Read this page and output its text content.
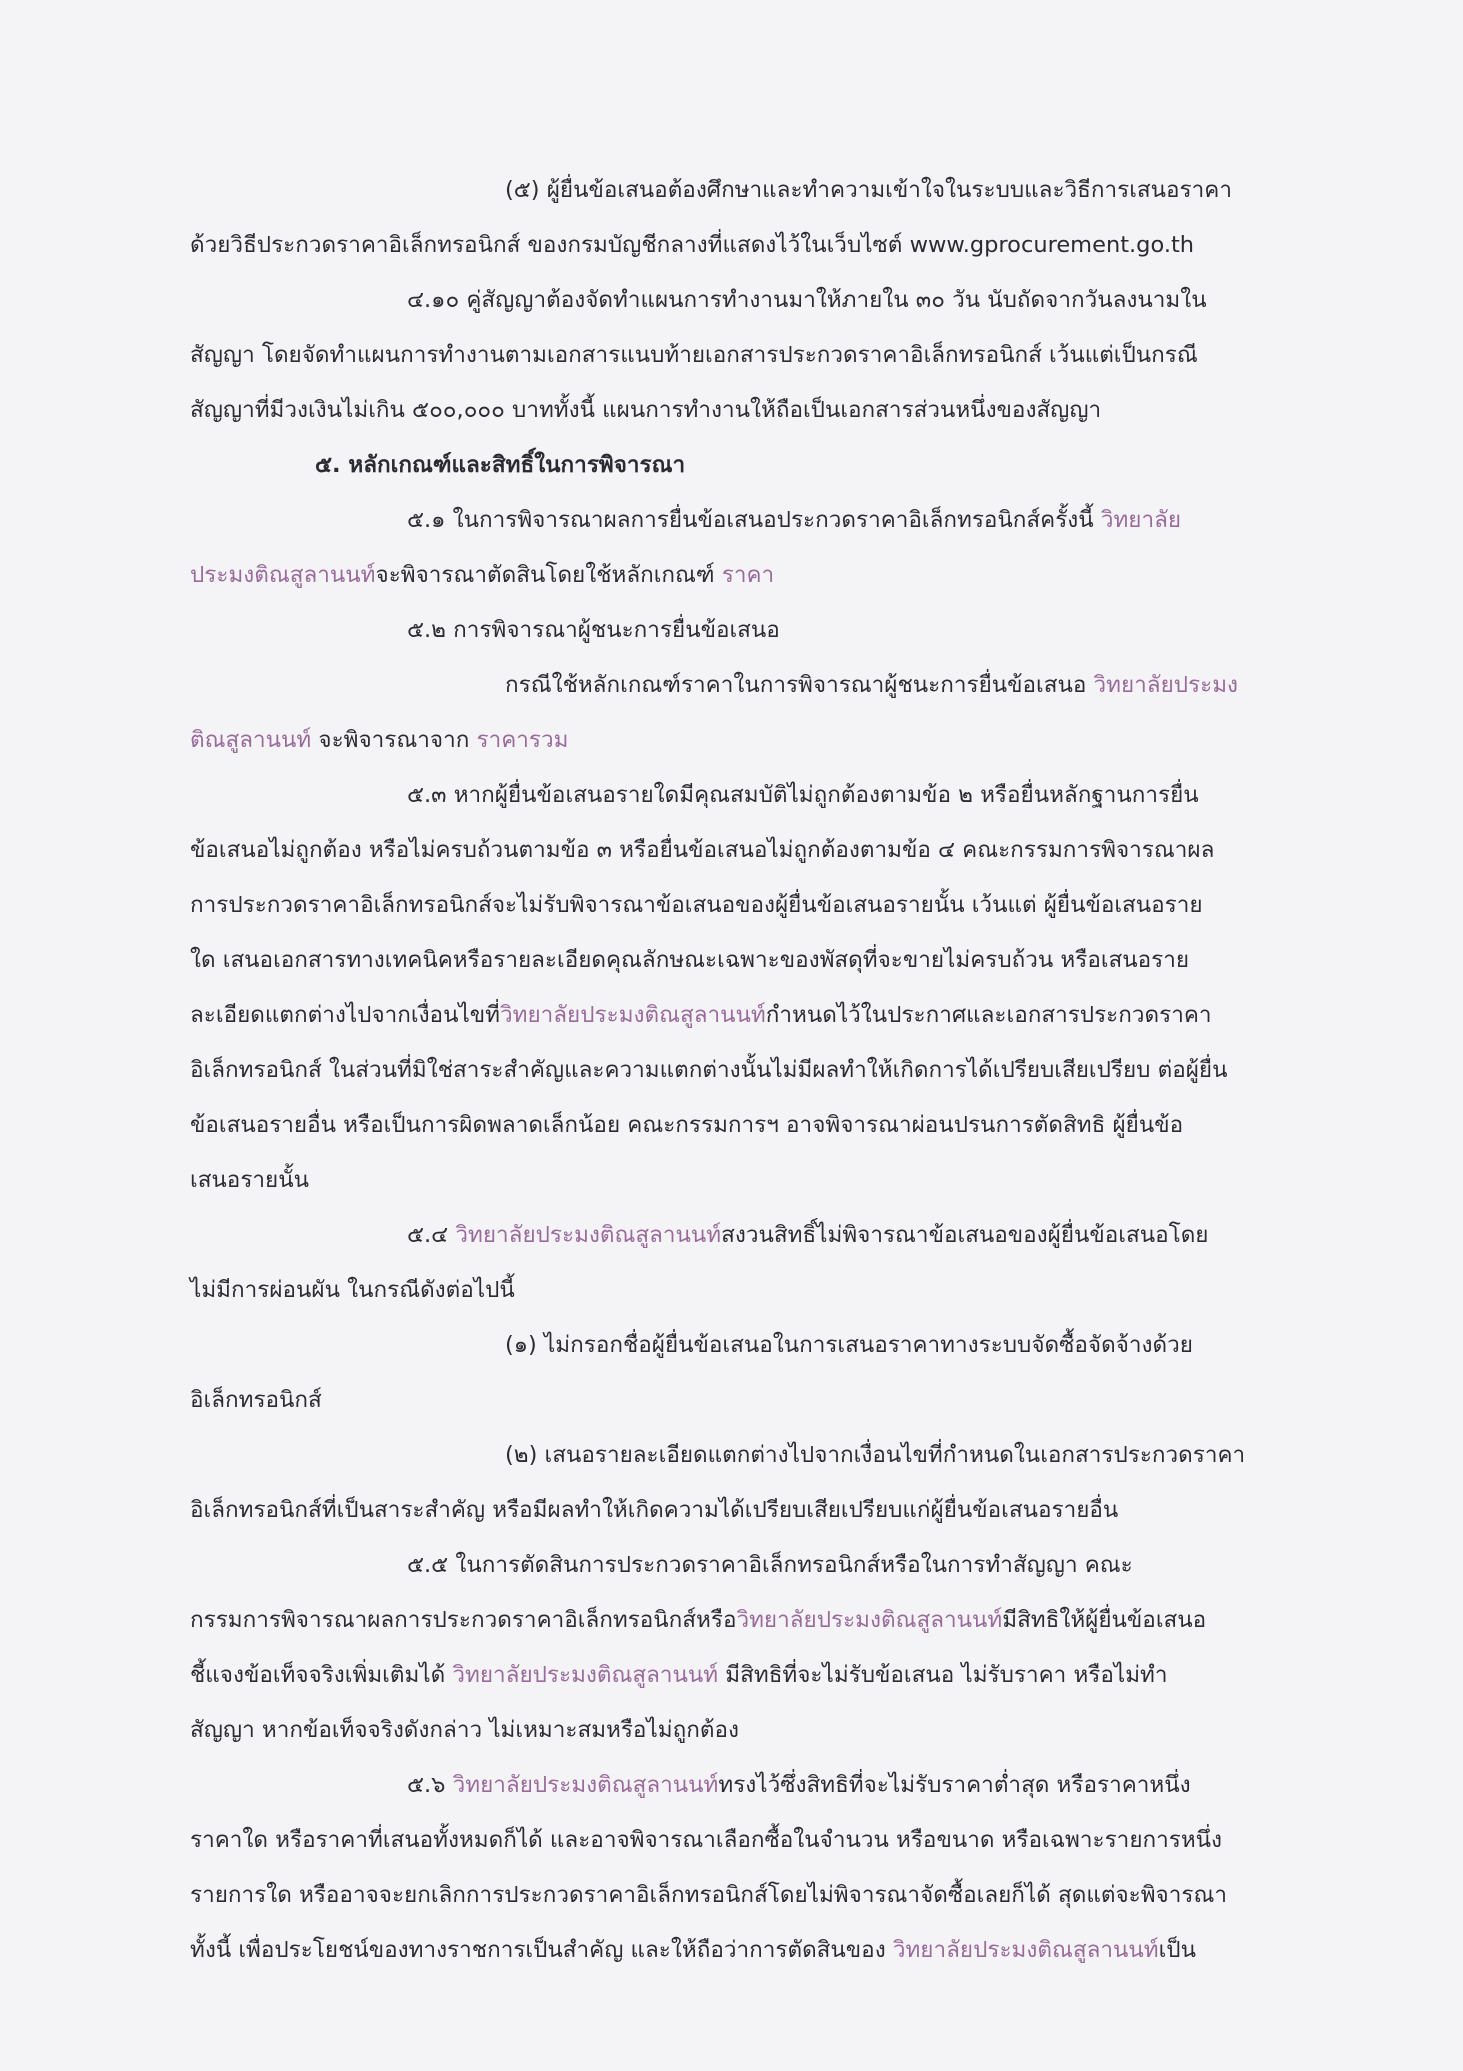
(๕) ผู้ยื่นข้อเสนอต้องศึกษาและทำความเข้าใจในระบบและวิธีการเสนอราคา
ด้วยวิธีประกวดราคาอิเล็กทรอนิกส์ ของกรมบัญชีกลางที่แสดงไว้ในเว็บไซต์ www.gprocurement.go.th
๔.๑๐ คู่สัญญาต้องจัดทำแผนการทำงานมาให้ภายใน ๓๐ วัน นับถัดจากวันลงนามใน
สัญญา โดยจัดทำแผนการทำงานตามเอกสารแนบท้ายเอกสารประกวดราคาอิเล็กทรอนิกส์ เว้นแต่เป็นกรณี
สัญญาที่มีวงเงินไม่เกิน ๕๐๐,๐๐๐ บาททั้งนี้ แผนการทำงานให้ถือเป็นเอกสารส่วนหนึ่งของสัญญา
๕. หลักเกณฑ์และสิทธิ์ในการพิจารณา
๕.๑ ในการพิจารณาผลการยื่นข้อเสนอประกวดราคาอิเล็กทรอนิกส์ครั้งนี้ วิทยาลัย
ประมงติณสูลานนท์จะพิจารณาตัดสินโดยใช้หลักเกณฑ์ ราคา
๕.๒ การพิจารณาผู้ชนะการยื่นข้อเสนอ
กรณีใช้หลักเกณฑ์ราคาในการพิจารณาผู้ชนะการยื่นข้อเสนอ วิทยาลัยประมง
ติณสูลานนท์ จะพิจารณาจาก ราคารวม
๕.๓ หากผู้ยื่นข้อเสนอรายใดมีคุณสมบัติไม่ถูกต้องตามข้อ ๒ หรือยื่นหลักฐานการยื่น
ข้อเสนอไม่ถูกต้อง หรือไม่ครบถ้วนตามข้อ ๓ หรือยื่นข้อเสนอไม่ถูกต้องตามข้อ ๔ คณะกรรมการพิจารณาผล
การประกวดราคาอิเล็กทรอนิกส์จะไม่รับพิจารณาข้อเสนอของผู้ยื่นข้อเสนอรายนั้น เว้นแต่ ผู้ยื่นข้อเสนอราย
ใด เสนอเอกสารทางเทคนิคหรือรายละเอียดคุณลักษณะเฉพาะของพัสดุที่จะขายไม่ครบถ้วน หรือเสนอราย
ละเอียดแตกต่างไปจากเงื่อนไขที่วิทยาลัยประมงติณสูลานนท์กำหนดไว้ในประกาศและเอกสารประกวดราคา
อิเล็กทรอนิกส์ ในส่วนที่มิใช่สาระสำคัญและความแตกต่างนั้นไม่มีผลทำให้เกิดการได้เปรียบเสียเปรียบ ต่อผู้ยื่น
ข้อเสนอรายอื่น หรือเป็นการผิดพลาดเล็กน้อย คณะกรรมการฯ อาจพิจารณาผ่อนปรนการตัดสิทธิ ผู้ยื่นข้อ
เสนอรายนั้น
๕.๔ วิทยาลัยประมงติณสูลานนท์สงวนสิทธิ์ไม่พิจารณาข้อเสนอของผู้ยื่นข้อเสนอโดย
ไม่มีการผ่อนผัน ในกรณีดังต่อไปนี้
(๑) ไม่กรอกชื่อผู้ยื่นข้อเสนอในการเสนอราคาทางระบบจัดซื้อจัดจ้างด้วย
อิเล็กทรอนิกส์
(๒) เสนอรายละเอียดแตกต่างไปจากเงื่อนไขที่กำหนดในเอกสารประกวดราคา
อิเล็กทรอนิกส์ที่เป็นสาระสำคัญ หรือมีผลทำให้เกิดความได้เปรียบเสียเปรียบแก่ผู้ยื่นข้อเสนอรายอื่น
๕.๕ ในการตัดสินการประกวดราคาอิเล็กทรอนิกส์หรือในการทำสัญญา คณะ
กรรมการพิจารณาผลการประกวดราคาอิเล็กทรอนิกส์หรือวิทยาลัยประมงติณสูลานนท์มีสิทธิให้ผู้ยื่นข้อเสนอ
ชี้แจงข้อเท็จจริงเพิ่มเติมได้ วิทยาลัยประมงติณสูลานนท์ มีสิทธิที่จะไม่รับข้อเสนอ ไม่รับราคา หรือไม่ทำ
สัญญา หากข้อเท็จจริงดังกล่าว ไม่เหมาะสมหรือไม่ถูกต้อง
๕.๖ วิทยาลัยประมงติณสูลานนท์ทรงไว้ซึ่งสิทธิที่จะไม่รับราคาต่ำสุด หรือราคาหนึ่ง
ราคาใด หรือราคาที่เสนอทั้งหมดก็ได้ และอาจพิจารณาเลือกซื้อในจำนวน หรือขนาด หรือเฉพาะรายการหนึ่ง
รายการใด หรืออาจจะยกเลิกการประกวดราคาอิเล็กทรอนิกส์โดยไม่พิจารณาจัดซื้อเลยก็ได้ สุดแต่จะพิจารณา
ทั้งนี้ เพื่อประโยชน์ของทางราชการเป็นสำคัญ และให้ถือว่าการตัดสินของ วิทยาลัยประมงติณสูลานนท์เป็น
